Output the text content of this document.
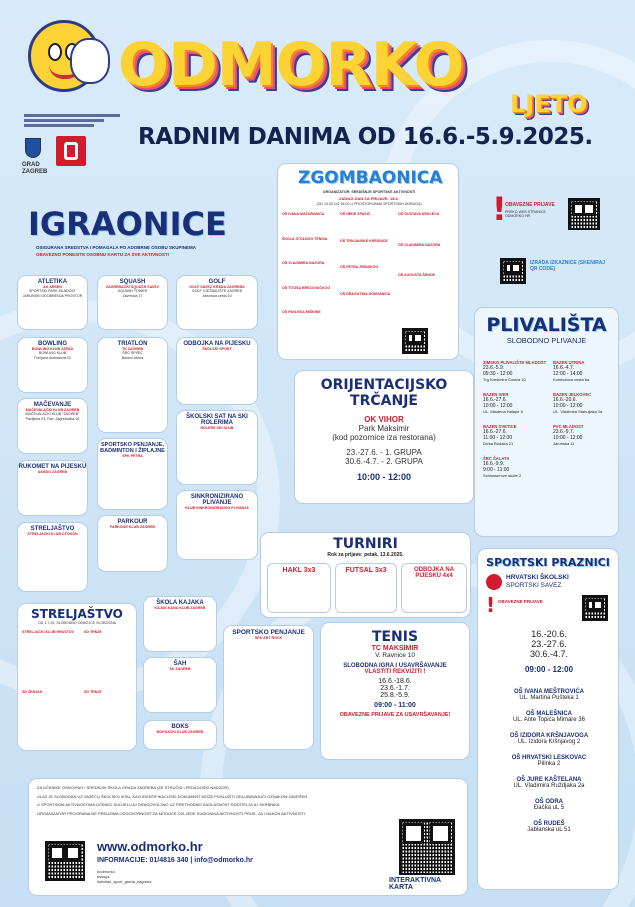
ODMORKO
LJETO
GRAD
ZAGREB
RADNIM DANIMA OD 16.6.-5.9.2025.
ZGOMBAONICA
ORGANIZATOR: SREDIŠNJE SPORTSKE AKTIVNOSTI
ZADNJI DAN ZA PRIJAVE: 18.6.
(OD 10.00 DO 16.00 U PROSTORIJAMA SPORTSKIH UDRUGA)
OŠ IVANA MAŽURANIĆA
ŠKOLA STOLNOG TENISA
OŠ VLADIMIRA NAZORA
OŠ TITUŠA BREZOVAČKOG
OŠ PAVLEKA MIŠKINE
OŠ NEDE SPASIĆ
OŠ TRNJANSKE KRESNICE
OŠ PETRA ZRINSKOG
OŠ DRAGUTINA DOMJANIĆA
OŠ GUSTAVA KRKLECA
OŠ VLADIMIRA NAZORA
OŠ AUGUSTA ŠENOE
!
OBAVEZNE PRIJAVE
PREKO WEB STRANICE ODMORKO.HR
IZRADA IZKAZNICE (SKENIRAJ QR CODE)
IGRAONICE
OSIGURANA SREDSTVA I POMAGALA PO ADOBRNE OSOBU SKUPINEMA
OBAVEZNO PONESITE OSOBNU KARTU ZA SVE AKTIVNOSTI
ATLETIKA
AK ARSEN
SPORTSKI PARK MLADOST
JARUNSKI ODOBRENJA PROSTOR
SQUASH
ZAGREBAČKI SQUASH SAVEZ
SQUASH TOWER
Zavrtnica 17
GOLF
GOLF SAVEZ GRADA ZAGREBA
GOLF VJEŽBALIŠTE ZAGREB
Jarunska cesta 10
BOWLING
BOWLING KLUB ZAPAD
BOWLING KLUB
Fiorijana Andraševa 10
TRIATLON
TK ZAGREB
ŠRC ŠPIŠIĆ
Bazeni Utrina
ODBOJKA NA PIJESKU
ŠKOLSKI SPORT
MAČEVANJE
MAČEVALAČKI KLUB ZAGREB
MAČEVALAČKI KLUB "ZAGREB"
Pavlijena 23, Rav. Zagrebačka 16	ŠKOLSKI SAT NA SKI ROLERIMA
ROLERS SKI KLUB
SPORTSKO PENJANJE, BADMINTON I ŽIPLAJNE
SPK PETRA
RUKOMET NA PIJESKU
AKEDO ZAGREB
SINKRONIZIRANO PLIVANJE
KLUB SINKRONIZIRANOG PLIVANJA
PARKOUR
PARKOUR KLUB ZAGREB
STRELJAŠTVO
STRELJAČKI KLUB OTOKON
ŠKOLA KAJAKA
KAJAK KANU KLUB ZAGREB
ŠAH
ŠK ZAGREB
BOKS
BOKSAČKI KLUB ZAGREB
SPORTSKO PENJANJE
SPK ART ROCK
STRELJAŠTVO
OD 1.7.25. SLOBODNO ODBOJCE SLOBODNA
STRELJAČKI KLUB HRUSTOV	SD TRNJE
SD ŽENJAK	SD TRNJE
ORIJENTACIJSKO TRČANJE
OK VIHOR
Park Maksimir
(kod pozornice iza restorana)
23.-27.6. - 1. GRUPA
30.6.-4.7. - 2. GRUPA
10:00 - 12:00
TURNIRI
Rok za prijave: petak, 13.6.2025.
HAKL 3x3	FUTSAL 3x3	ODBOJKA NA PIJESKU 4x4
TENIS
TC MAKSIMIR
V. Ravnice 10
SLOBODNA IGRA I USAVRŠAVANJE
VLASTITI REKVIZITI !
16.6.-18.6.
23.6.-1.7.
25.8.-5.9.
09:00 - 11:00
OBAVEZNE PRIJAVE ZA USAVRŠAVANJE!
PLIVALIŠTA
SLOBODNO PLIVANJE
ZIMSKO PLIVALIŠTE MLADOST
23.6.-5.9.
09:30 - 12:00
Trg Krešimira Ćosića 10
BAZEN IVER
16.6.-27.6.
10:00 - 12:00
UL. Mladena Halape 6
BAZEN SVETICE
16.6.-27.6.
11:00 - 12:00
Divka Budaka 21
ŠRC ŠALATA
16.6.-9.9.
9:00 - 11:00
Schlosserove stube 2
BAZEN UTRINA
16.6.-4.7.
12:00 - 14:00
Kombolova cesta 6a
BAZEN JELKOVEC
16.6.-20.6.
10:00 - 12:00
UL. Vladimira Stahuljaka 1a
PVC MLADOST
23.6.-9.7.
10:00 - 12:00
Jarunska 11
SPORTSKI PRAZNICI
HRVATSKI ŠKOLSKI
SPORTSKI SAVEZ
! OBAVEZNE PRIJAVE
16.-20.6.
23.-27.6.
30.6.-4.7.
09:00 - 12:00
OŠ IVANA MEŠTROVIĆA
UL. Martina Pušteka 1
OŠ MALEŠNICA
UL. Ante Topića Mimare 36
OŠ IZIDORA KRŠNJAVOGA
UL. Izidora Kršnjavog 2
OŠ HRVATSKI LESKOVAC
Pilinka 2
OŠ JURE KAŠTELANA
UL. Vladimira Ruždjaka 2a
OŠ ODRA
Ðačka uL 5
OŠ RUDEŠ
Jablanska uL 51
ZA UČENIKE OSNOVNIH I SREDNJIH ŠKOLA GRADA ZAGREBA (ZE STRUČNI I PEDAGOŠKI NADZOR)
ULAZ JE SLOBODAN UZ VAŽEĆU ŠKOLSKU IKSU, KAO IDENTIFIKACIJSKI DOKUMENT MOŽE POSLUŽITI ODLUBAVAJUĆI OZNAKOM ZAVRŠEN
U SPORTSKIM AKTIVNOSTIMA UČENICI SUDJELUJU DRAGOVOLJNO UZ PRETHODNO SAGLASNOST RODITELJA ILI SKRBNIKA
ORGANIZATOR PROGRAMA NE PREUZIMA ODGOVORNOST ZA MOGUĆE OZLJEDE SUDIONIKA AKTIVNOSTI PRIJE, ZA I NAKON AKTIVNOSTI.
www.odmorko.hr
INFORMACIJE: 01/4816 340 | info@odmorko.hr
#odmorko
#sssgz
#skolski_sport_grada_zagreba	INTERAKTIVNA KARTA
